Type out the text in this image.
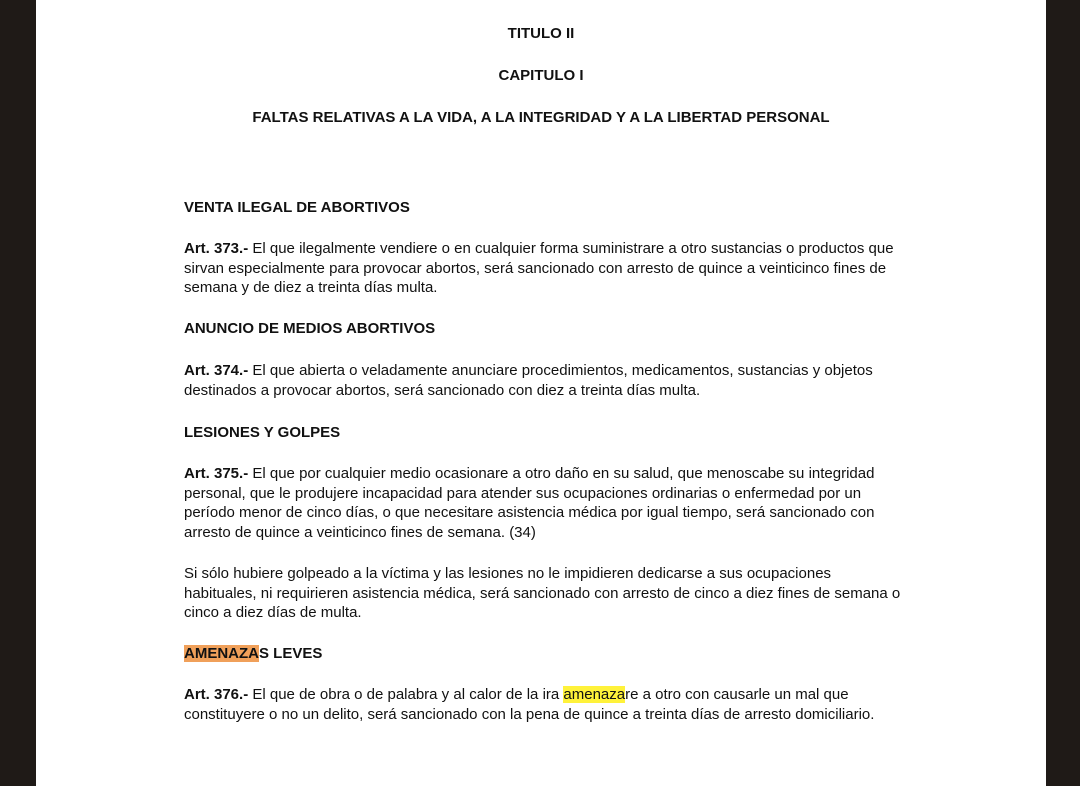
TITULO II
CAPITULO I
FALTAS RELATIVAS A LA VIDA, A LA INTEGRIDAD Y A LA LIBERTAD PERSONAL
VENTA ILEGAL DE ABORTIVOS

Art. 373.- El que ilegalmente vendiere o en cualquier forma suministrare a otro sustancias o productos que sirvan especialmente para provocar abortos, será sancionado con arresto de quince a veinticinco fines de semana y de diez a treinta días multa.

ANUNCIO DE MEDIOS ABORTIVOS

Art. 374.- El que abierta o veladamente anunciare procedimientos, medicamentos, sustancias y objetos destinados a provocar abortos, será sancionado con diez a treinta días multa.

LESIONES Y GOLPES

Art. 375.- El que por cualquier medio ocasionare a otro daño en su salud, que menoscabe su integridad personal, que le produjere incapacidad para atender sus ocupaciones ordinarias o enfermedad por un período menor de cinco días, o que necesitare asistencia médica por igual tiempo, será sancionado con arresto de quince a veinticinco fines de semana. (34)

Si sólo hubiere golpeado a la víctima y las lesiones no le impidieren dedicarse a sus ocupaciones habituales, ni requirieren asistencia médica, será sancionado con arresto de cinco a diez fines de semana o cinco a diez días de multa.

AMENAZAS LEVES

Art. 376.- El que de obra o de palabra y al calor de la ira amenazare a otro con causarle un mal que constituyere o no un delito, será sancionado con la pena de quince a treinta días de arresto domiciliario.
